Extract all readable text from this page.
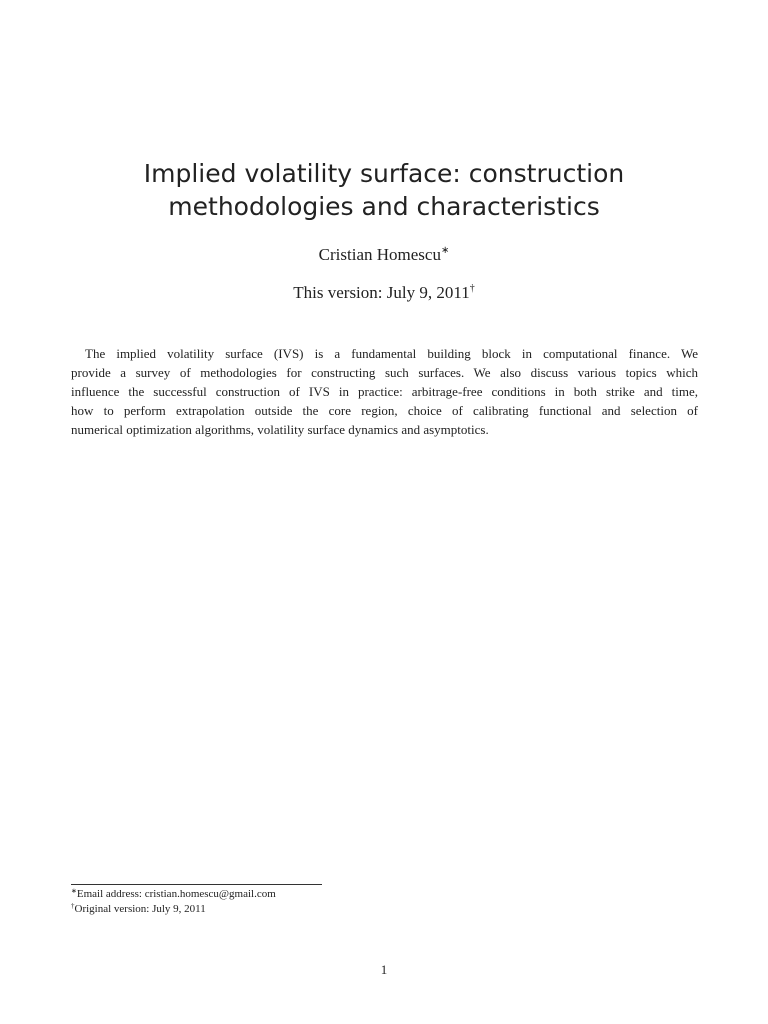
Implied volatility surface: construction
methodologies and characteristics
Cristian Homescu∗
This version: July 9, 2011†
The implied volatility surface (IVS) is a fundamental building block in computational finance. We
provide a survey of methodologies for constructing such surfaces. We also discuss various topics which
influence the successful construction of IVS in practice: arbitrage-free conditions in both strike and time,
how to perform extrapolation outside the core region, choice of calibrating functional and selection of
numerical optimization algorithms, volatility surface dynamics and asymptotics.
∗Email address: cristian.homescu@gmail.com
†Original version: July 9, 2011
1
